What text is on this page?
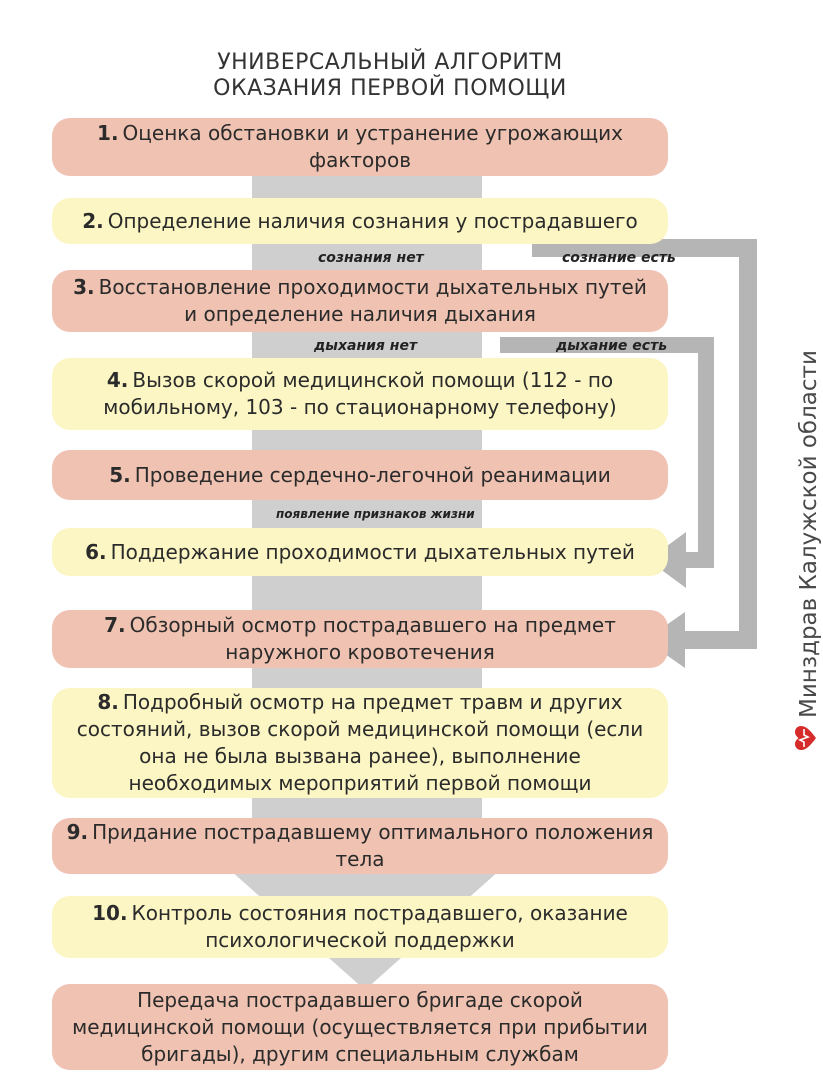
УНИВЕРСАЛЬНЫЙ АЛГОРИТМ
ОКАЗАНИЯ ПЕРВОЙ ПОМОЩИ
1. Оценка обстановки и устранение угрожающих факторов
2. Определение наличия сознания у пострадавшего
сознания нет	сознание есть
3. Восстановление проходимости дыхательных путей и определение наличия дыхания
дыхания нет	дыхание есть
4. Вызов скорой медицинской помощи (112 - по мобильному, 103 - по стационарному телефону)
5. Проведение сердечно-легочной реанимации
появление признаков жизни
6. Поддержание проходимости дыхательных путей
7. Обзорный осмотр пострадавшего на предмет наружного кровотечения
8. Подробный осмотр на предмет травм и других состояний, вызов скорой медицинской помощи (если она не была вызвана ранее), выполнение необходимых мероприятий первой помощи
9. Придание пострадавшему оптимального положения тела
10. Контроль состояния пострадавшего, оказание психологической поддержки
Передача пострадавшего бригаде скорой медицинской помощи (осуществляется при прибытии бригады), другим специальным службам
Минздрав Калужской области
